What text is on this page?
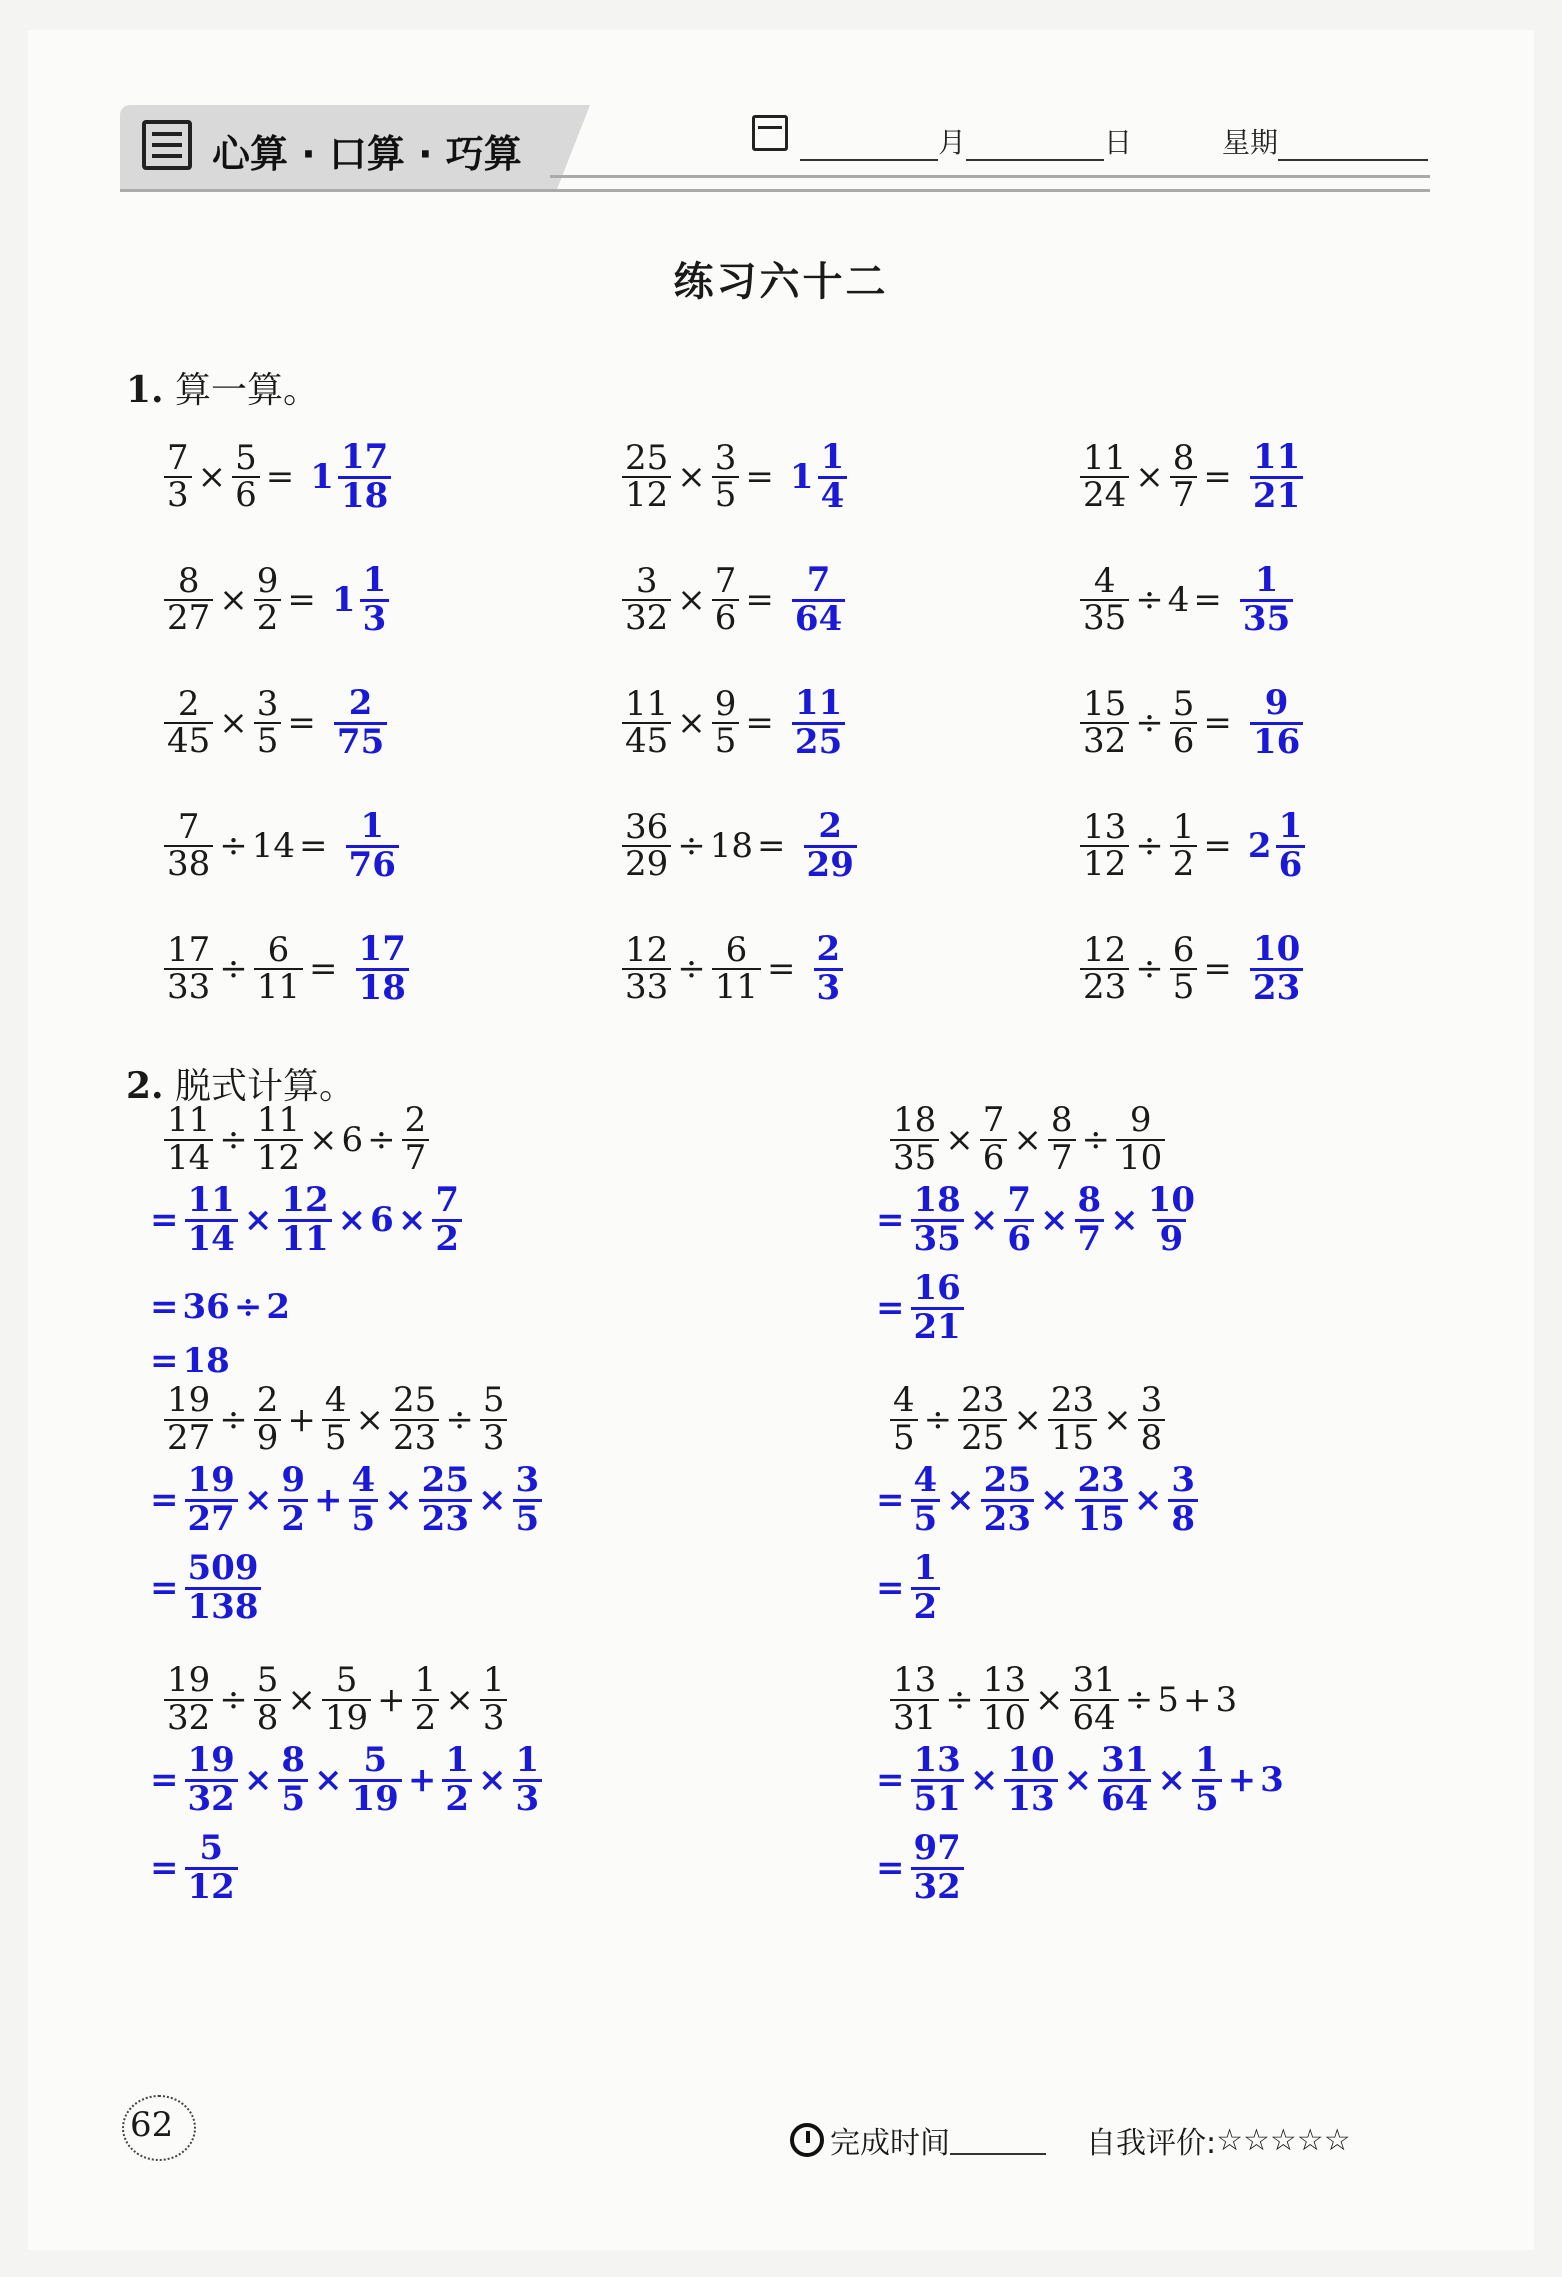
心算 · 口算 · 巧算	月	日	星期
练习六十二
1. 算一算。
2. 脱式计算。
$\frac{7}{3} \times \frac{5}{6} = 1 \frac{17}{18}$	$\frac{25}{12} \times \frac{3}{5} = 1 \frac{1}{4}$	$\frac{11}{24} \times \frac{8}{7} = \frac{11}{21}$
$\frac{8}{27} \times \frac{9}{2} = 1 \frac{1}{3}$	$\frac{3}{32} \times \frac{7}{6} = \frac{7}{64}$	$\frac{4}{35} \div 4 = \frac{1}{35}$
$\frac{2}{45} \times \frac{3}{5} = \frac{2}{75}$	$\frac{11}{45} \times \frac{9}{5} = \frac{11}{25}$	$\frac{15}{32} \div \frac{5}{6} = \frac{9}{16}$
$\frac{7}{38} \div 14 = \frac{1}{76}$	$\frac{36}{29} \div 18 = \frac{2}{29}$	$\frac{13}{12} \div \frac{1}{2} = 2 \frac{1}{6}$
$\frac{17}{33} \div \frac{6}{11} = \frac{17}{18}$	$\frac{12}{33} \div \frac{6}{11} = \frac{2}{3}$	$\frac{12}{23} \div \frac{6}{5} = \frac{10}{23}$
$\frac{11}{14} \div \frac{11}{12} \times 6 \div \frac{2}{7}$
= $\frac{11}{14} \times \frac{12}{11} \times 6 \times \frac{7}{2}$
= 36 ÷ 2
= 18
$\frac{18}{35} \times \frac{7}{6} \times \frac{8}{7} \div \frac{9}{10}$
= $\frac{18}{35} \times \frac{7}{6} \times \frac{8}{7} \times \frac{10}{9}$
= $\frac{16}{21}$
$\frac{19}{27} \div \frac{2}{9} + \frac{4}{5} \times \frac{25}{23} \div \frac{5}{3}$
= $\frac{19}{27} \times \frac{9}{2} + \frac{4}{5} \times \frac{25}{23} \times \frac{3}{5}$
= $\frac{509}{138}$
$\frac{4}{5} \div \frac{23}{25} \times \frac{23}{15} \times \frac{3}{8}$
= $\frac{4}{5} \times \frac{25}{23} \times \frac{23}{15} \times \frac{3}{8}$
= $\frac{1}{2}$
$\frac{19}{32} \div \frac{5}{8} \times \frac{5}{19} + \frac{1}{2} \times \frac{1}{3}$
= $\frac{19}{32} \times \frac{8}{5} \times \frac{5}{19} + \frac{1}{2} \times \frac{1}{3}$
= $\frac{5}{12}$
$\frac{13}{31} \div \frac{13}{10} \times \frac{31}{64} \div 5 + 3$
= $\frac{13}{51} \times \frac{10}{13} \times \frac{31}{64} \times \frac{1}{5} + 3$
= $\frac{97}{32}$
62	完成时间	自我评价: ☆☆☆☆☆
